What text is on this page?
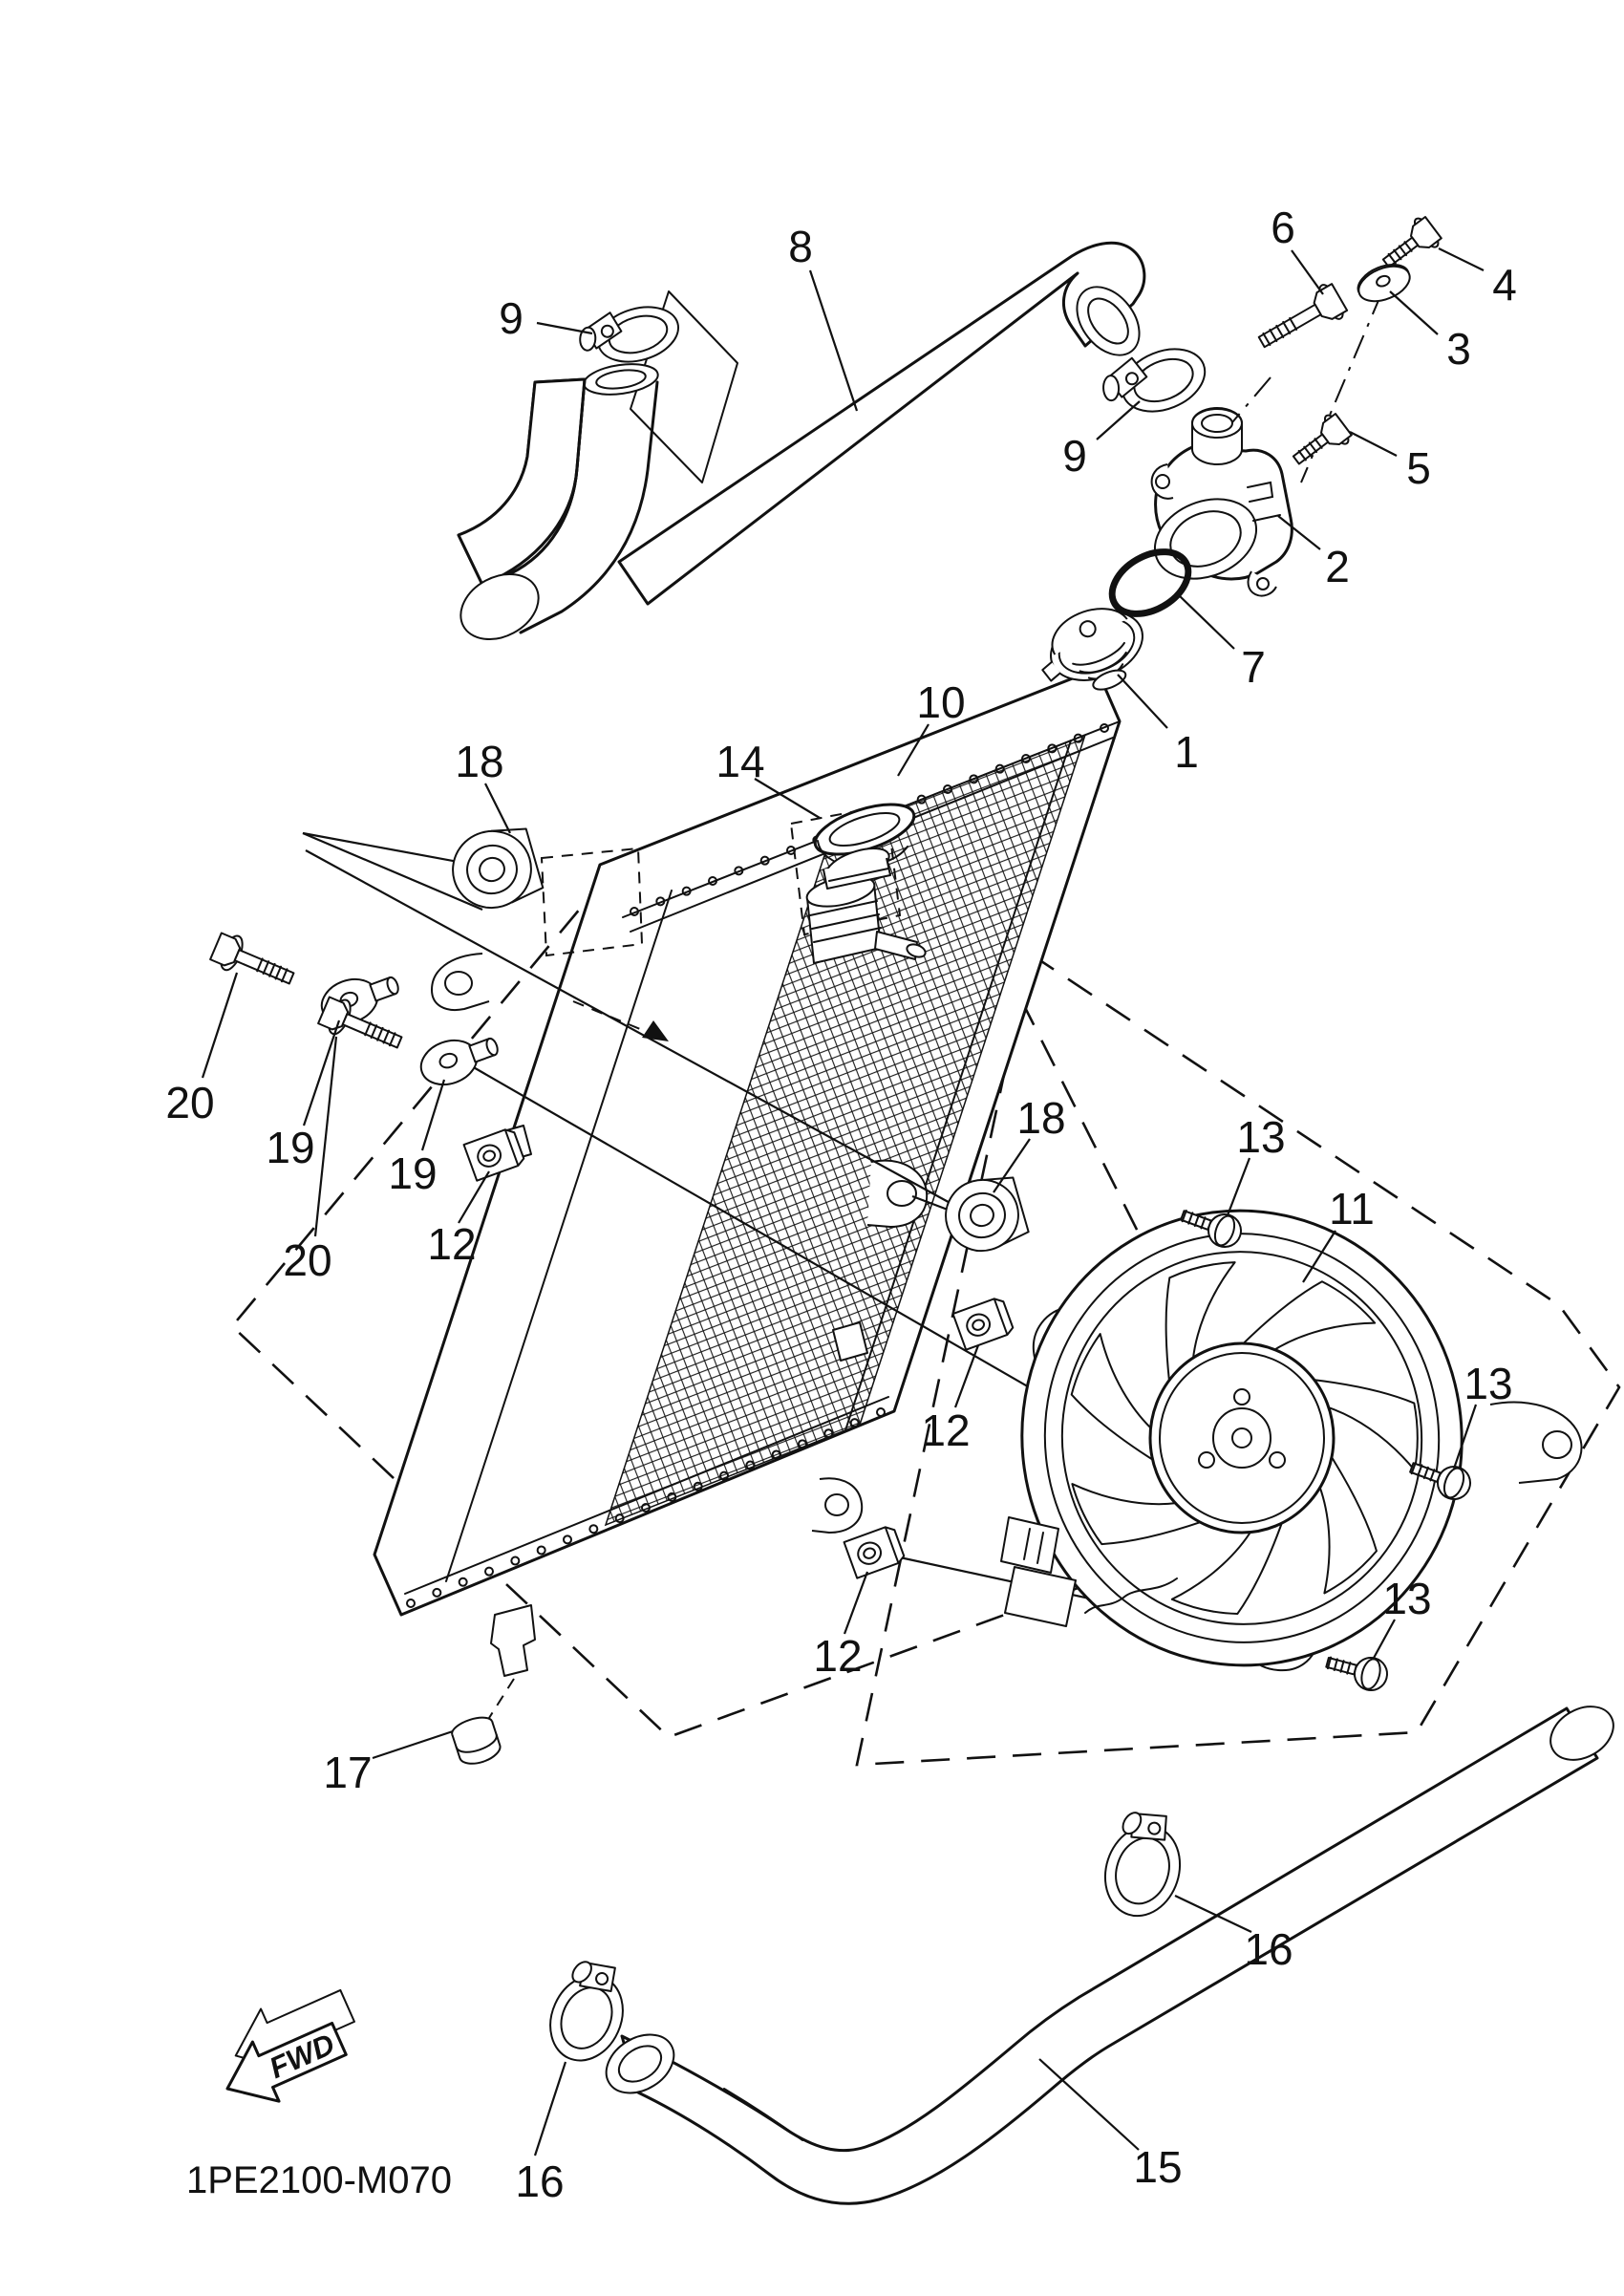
FWD
1PE2100-M070
1
2
3
4
5
6
7
8
9
9
10
11
12
12
12
13
13
13
14
15
16
16
17
18
18
19
19
20
20
